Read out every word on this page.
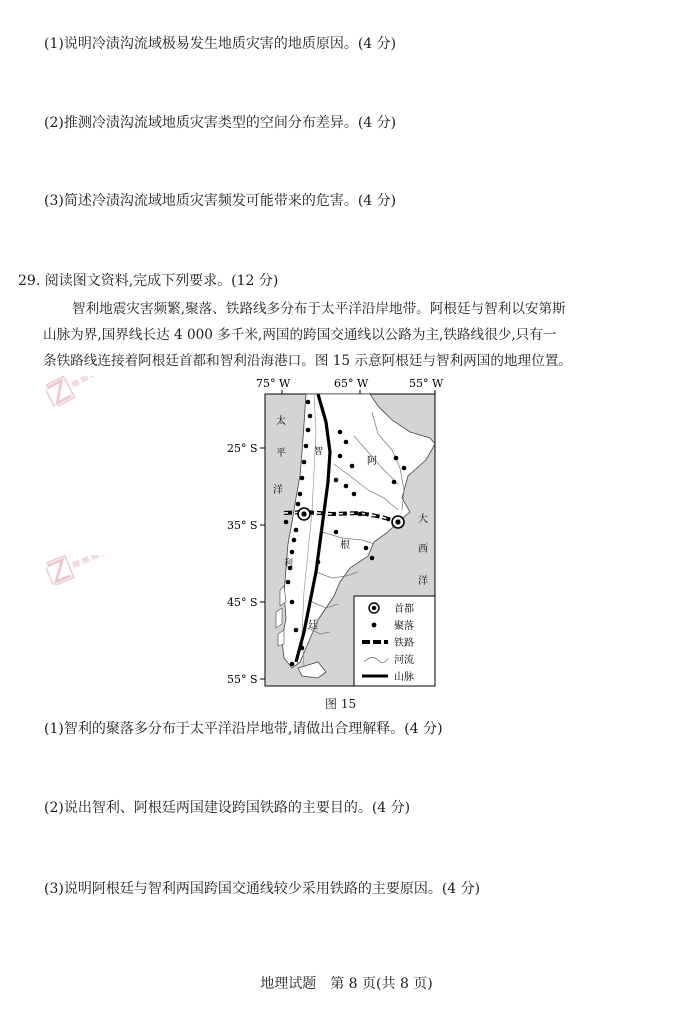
(1)说明冷渍沟流域极易发生地质灾害的地质原因。(4 分)
(2)推测冷渍沟流域地质灾害类型的空间分布差异。(4 分)
(3)简述冷渍沟流域地质灾害频发可能带来的危害。(4 分)
29. 阅读图文资料,完成下列要求。(12 分)
智利地震灾害频繁,聚落、铁路线多分布于太平洋沿岸地带。阿根廷与智利以安第斯
山脉为界,国界线长达 4 000 多千米,两国的跨国交通线以公路为主,铁路线很少,只有一
条铁路线连接着阿根廷首都和智利沿海港口。图 15 示意阿根廷与智利两国的地理位置。
75° W	65° W	55° W
25° S
35° S
45° S
55° S
太
平
洋
大
西
洋
智
利
阿
根
廷
首都
聚落
铁路
河流
山脉
图 15
(1)智利的聚落多分布于太平洋沿岸地带,请做出合理解释。(4 分)
(2)说出智利、阿根廷两国建设跨国铁路的主要目的。(4 分)
(3)说明阿根廷与智利两国跨国交通线较少采用铁路的主要原因。(4 分)
地理试题　第 8 页(共 8 页)
